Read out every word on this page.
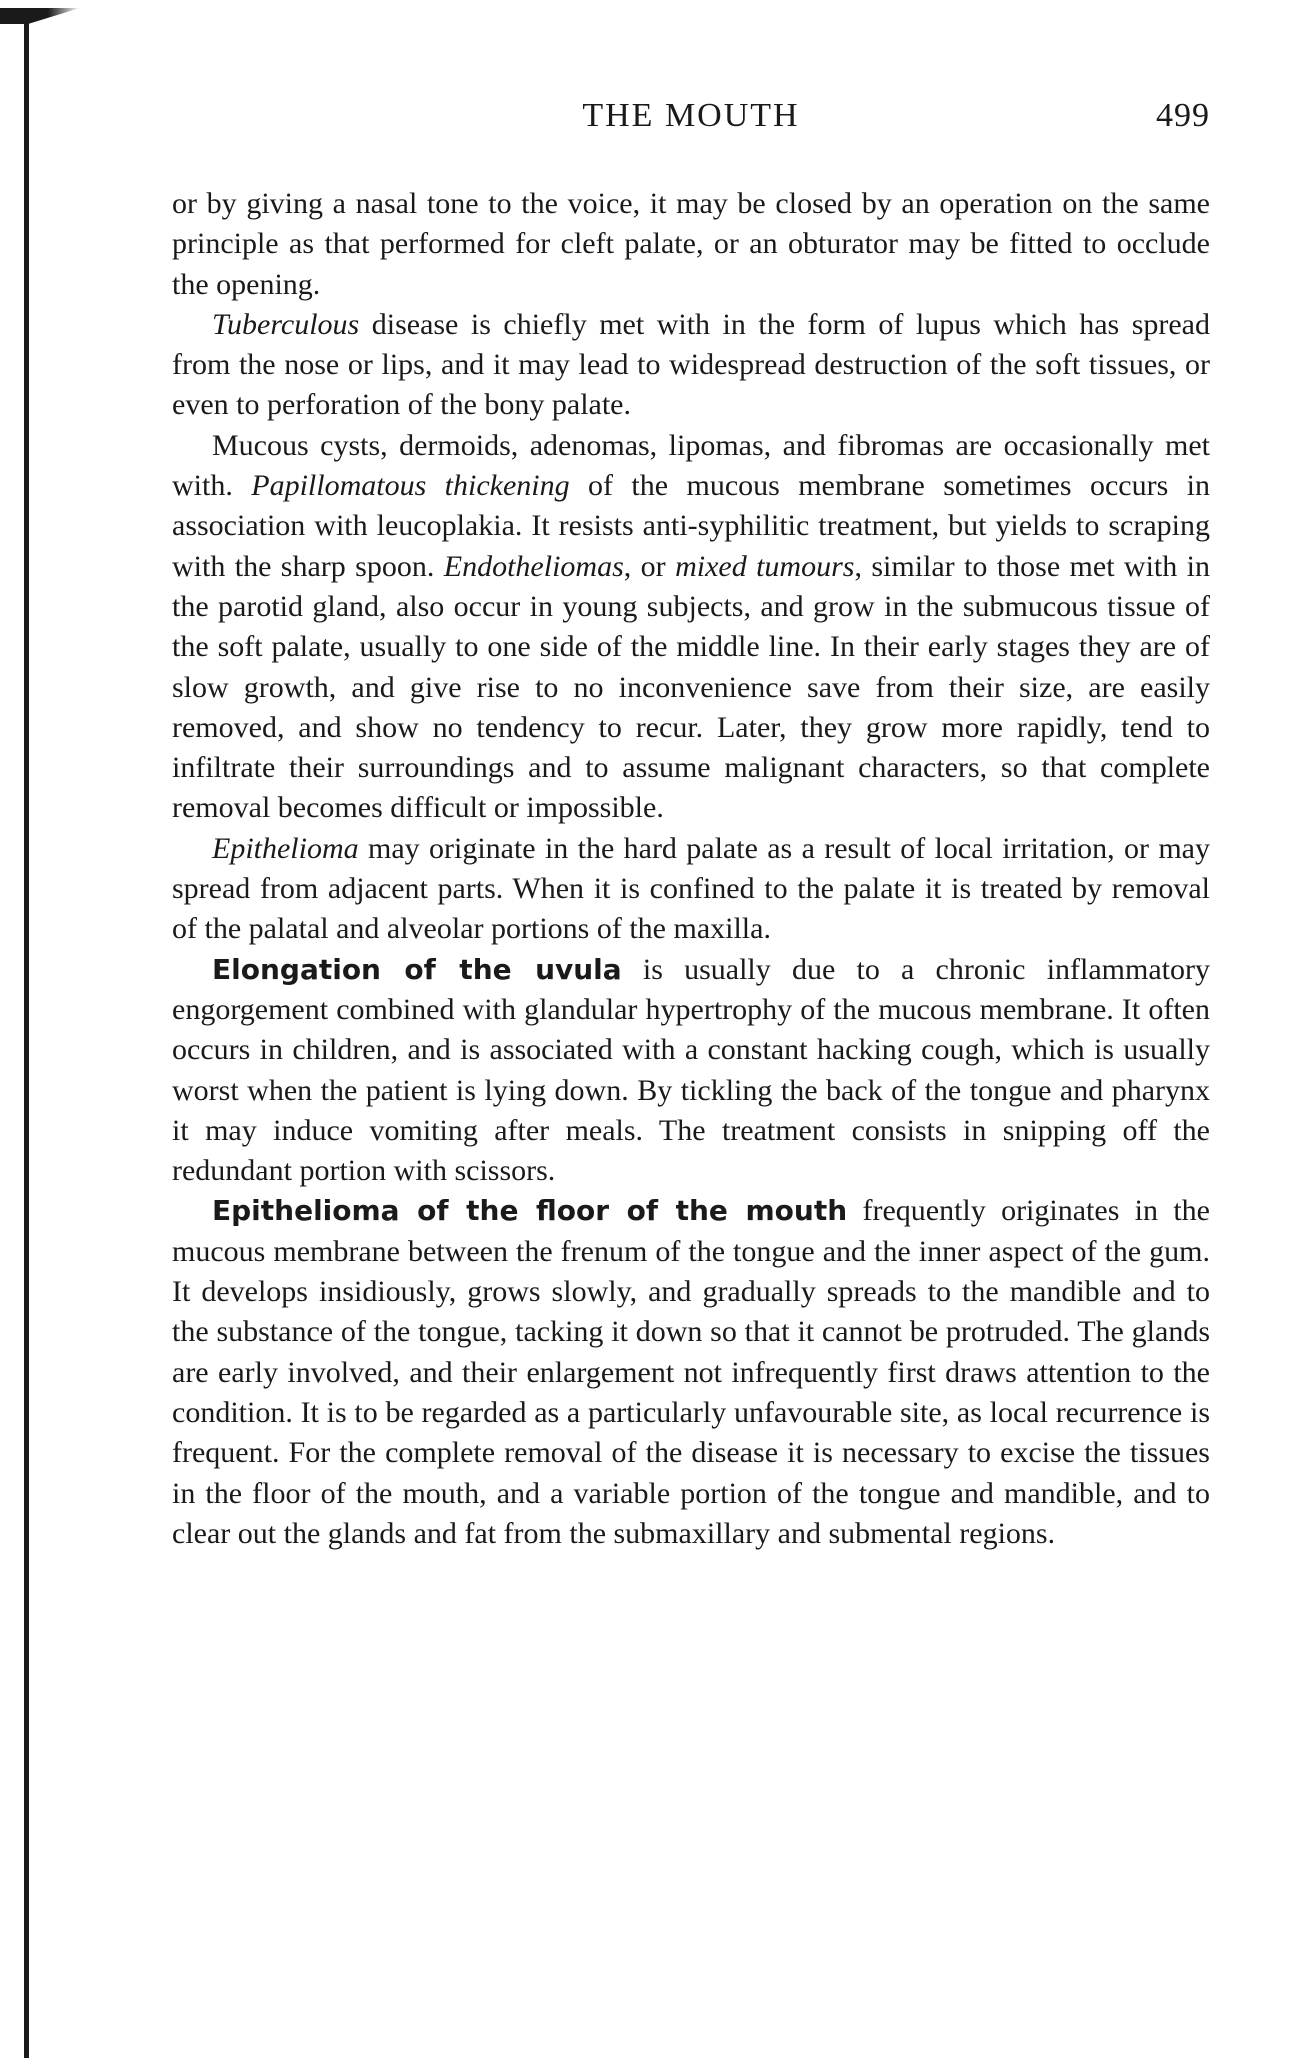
THE MOUTH	499

or by giving a nasal tone to the voice, it may be closed by an operation on the same principle as that performed for cleft palate, or an obturator may be fitted to occlude the opening.

Tuberculous disease is chiefly met with in the form of lupus which has spread from the nose or lips, and it may lead to widespread destruction of the soft tissues, or even to perforation of the bony palate.

Mucous cysts, dermoids, adenomas, lipomas, and fibromas are occasionally met with. Papillomatous thickening of the mucous membrane sometimes occurs in association with leucoplakia. It resists anti-syphilitic treatment, but yields to scraping with the sharp spoon. Endotheliomas, or mixed tumours, similar to those met with in the parotid gland, also occur in young subjects, and grow in the submucous tissue of the soft palate, usually to one side of the middle line. In their early stages they are of slow growth, and give rise to no inconvenience save from their size, are easily removed, and show no tendency to recur. Later, they grow more rapidly, tend to infiltrate their surroundings and to assume malignant characters, so that complete removal becomes difficult or impossible.

Epithelioma may originate in the hard palate as a result of local irritation, or may spread from adjacent parts. When it is confined to the palate it is treated by removal of the palatal and alveolar portions of the maxilla.

Elongation of the uvula is usually due to a chronic inflammatory engorgement combined with glandular hypertrophy of the mucous membrane. It often occurs in children, and is associated with a constant hacking cough, which is usually worst when the patient is lying down. By tickling the back of the tongue and pharynx it may induce vomiting after meals. The treatment consists in snipping off the redundant portion with scissors.

Epithelioma of the floor of the mouth frequently originates in the mucous membrane between the frenum of the tongue and the inner aspect of the gum. It develops insidiously, grows slowly, and gradually spreads to the mandible and to the substance of the tongue, tacking it down so that it cannot be protruded. The glands are early involved, and their enlargement not infrequently first draws attention to the condition. It is to be regarded as a particularly unfavourable site, as local recurrence is frequent. For the complete removal of the disease it is necessary to excise the tissues in the floor of the mouth, and a variable portion of the tongue and mandible, and to clear out the glands and fat from the submaxillary and submental regions.
